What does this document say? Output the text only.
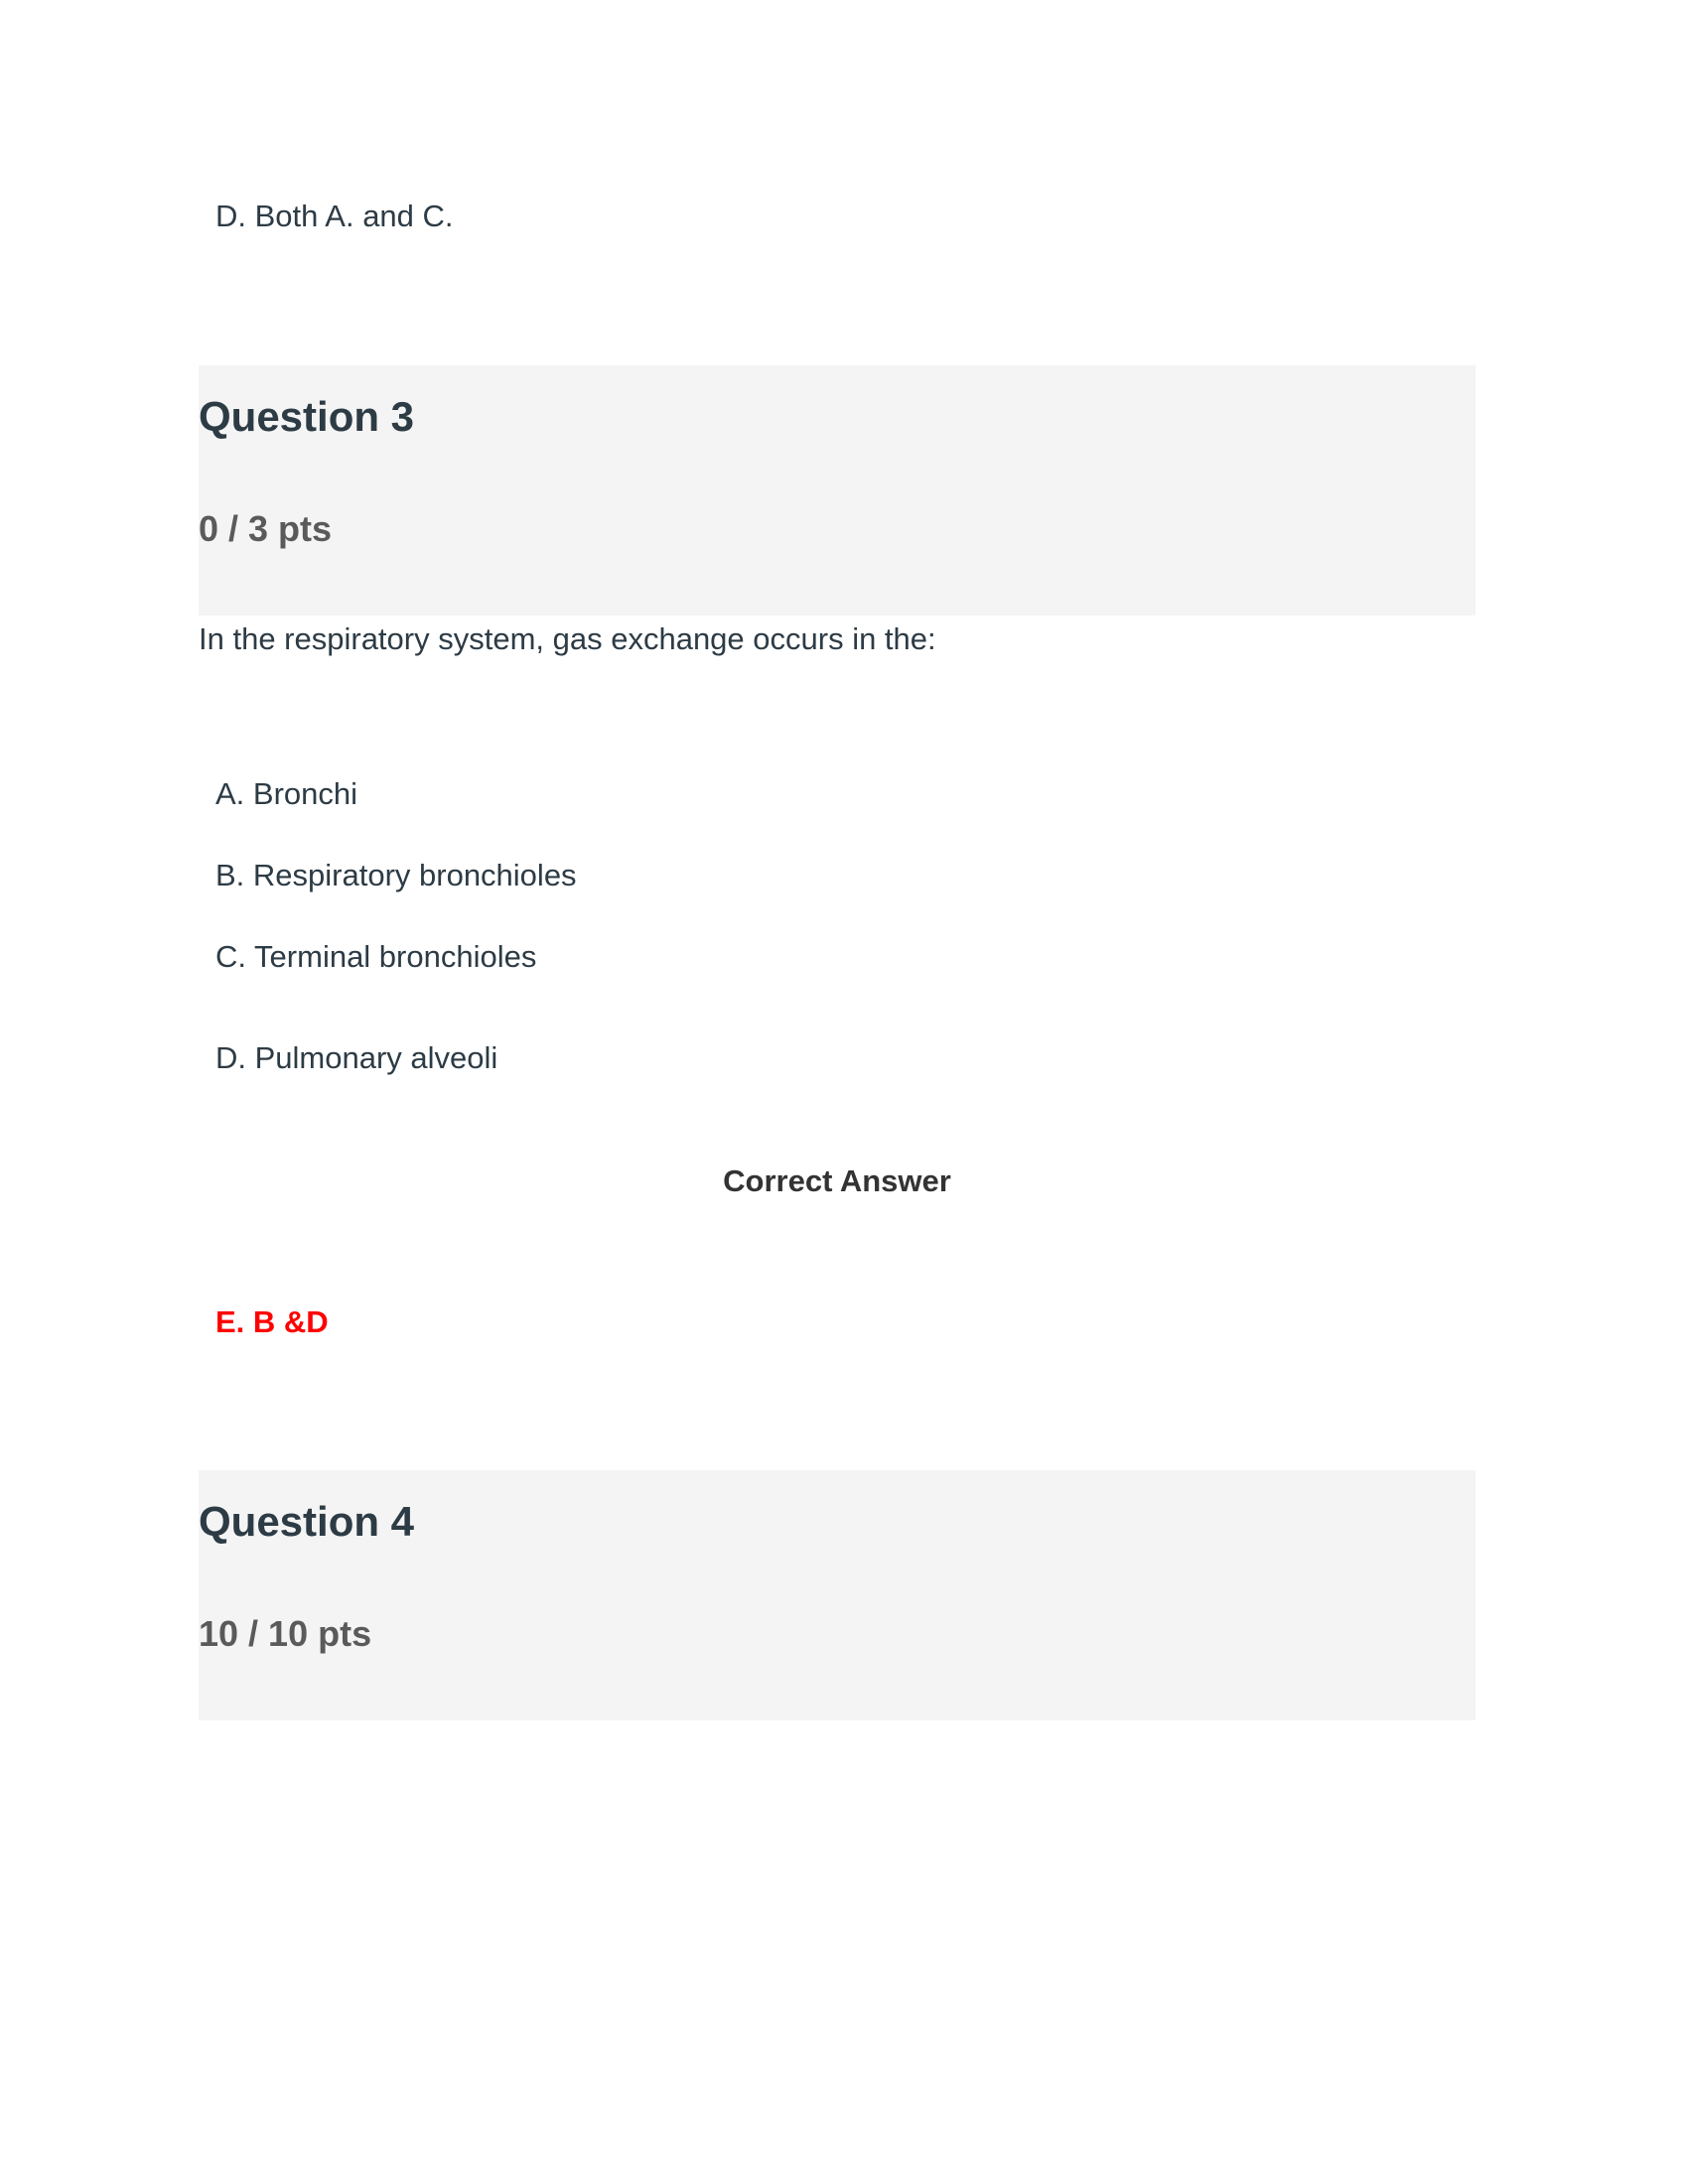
D. Both A. and C.
Question 3
0 / 3 pts
In the respiratory system, gas exchange occurs in the:
A. Bronchi
B. Respiratory bronchioles
C. Terminal bronchioles
D. Pulmonary alveoli
Correct Answer
E. B &D
Question 4
10 / 10 pts
